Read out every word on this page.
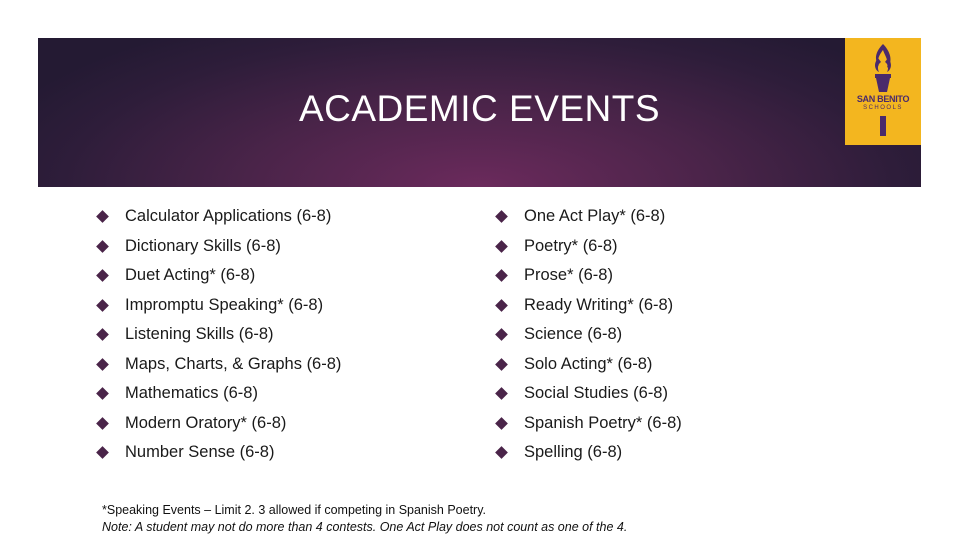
ACADEMIC EVENTS	SAN BENITO
SCHOOLS
Calculator Applications (6-8)
Dictionary Skills (6-8)
Duet Acting* (6-8)
Impromptu Speaking* (6-8)
Listening Skills (6-8)
Maps, Charts, & Graphs (6-8)
Mathematics (6-8)
Modern Oratory* (6-8)
Number Sense (6-8)
One Act Play* (6-8)
Poetry* (6-8)
Prose* (6-8)
Ready Writing* (6-8)
Science (6-8)
Solo Acting* (6-8)
Social Studies (6-8)
Spanish Poetry* (6-8)
Spelling (6-8)
*Speaking Events – Limit 2. 3 allowed if competing in Spanish Poetry.
Note: A student may not do more than 4 contests. One Act Play does not count as one of the 4.
